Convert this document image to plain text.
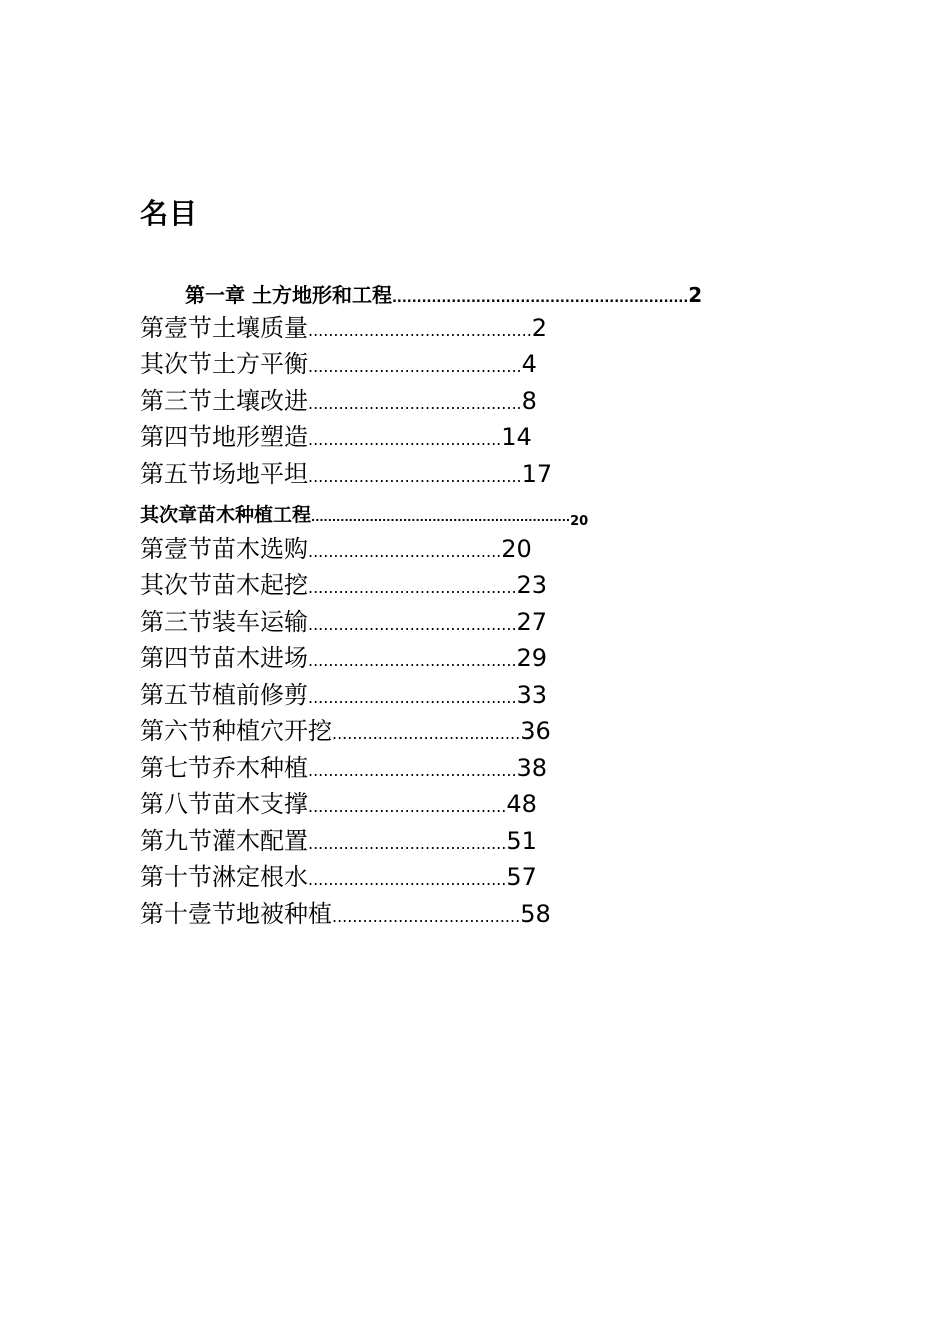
名目
第一章 土方地形和工程............................................................2
第壹节土壤质量............................................2
其次节土方平衡..........................................4
第三节土壤改进..........................................8
第四节地形塑造......................................14
第五节场地平坦..........................................17
其次章苗木种植工程$.............................................................._{20}$
第壹节苗木选购......................................20
其次节苗木起挖.........................................23
第三节装车运输.........................................27
第四节苗木进场.........................................29
第五节植前修剪.........................................33
第六节种植穴开挖.....................................36
第七节乔木种植.........................................38
第八节苗木支撑.......................................48
第九节灌木配置.......................................51
第十节淋定根水.......................................57
第十壹节地被种植.....................................58
